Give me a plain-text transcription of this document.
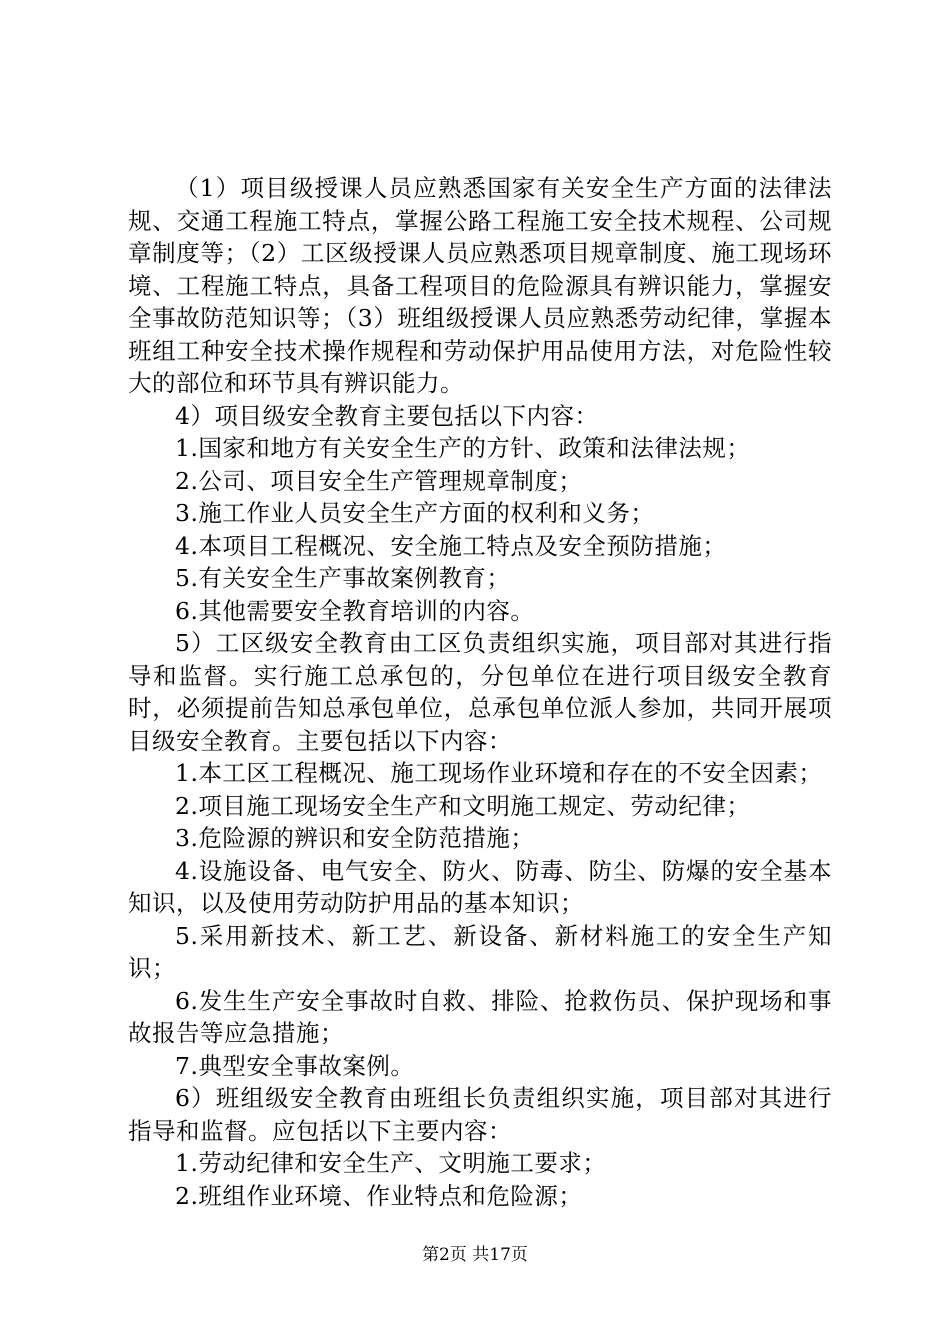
（1）项目级授课人员应熟悉国家有关安全生产方面的法律法规、交通工程施工特点，掌握公路工程施工安全技术规程、公司规章制度等；（2）工区级授课人员应熟悉项目规章制度、施工现场环境、工程施工特点，具备工程项目的危险源具有辨识能力，掌握安全事故防范知识等；（3）班组级授课人员应熟悉劳动纪律，掌握本班组工种安全技术操作规程和劳动保护用品使用方法，对危险性较大的部位和环节具有辨识能力。

4）项目级安全教育主要包括以下内容：

1.国家和地方有关安全生产的方针、政策和法律法规；

2.公司、项目安全生产管理规章制度；

3.施工作业人员安全生产方面的权利和义务；

4.本项目工程概况、安全施工特点及安全预防措施；

5.有关安全生产事故案例教育；

6.其他需要安全教育培训的内容。

5）工区级安全教育由工区负责组织实施，项目部对其进行指导和监督。实行施工总承包的，分包单位在进行项目级安全教育时，必须提前告知总承包单位，总承包单位派人参加，共同开展项目级安全教育。主要包括以下内容：

1.本工区工程概况、施工现场作业环境和存在的不安全因素；

2.项目施工现场安全生产和文明施工规定、劳动纪律；

3.危险源的辨识和安全防范措施；

4.设施设备、电气安全、防火、防毒、防尘、防爆的安全基本知识，以及使用劳动防护用品的基本知识；

5.采用新技术、新工艺、新设备、新材料施工的安全生产知识；

6.发生生产安全事故时自救、排险、抢救伤员、保护现场和事故报告等应急措施；

7.典型安全事故案例。

6）班组级安全教育由班组长负责组织实施，项目部对其进行指导和监督。应包括以下主要内容：

1.劳动纪律和安全生产、文明施工要求；

2.班组作业环境、作业特点和危险源；

第2页 共17页
